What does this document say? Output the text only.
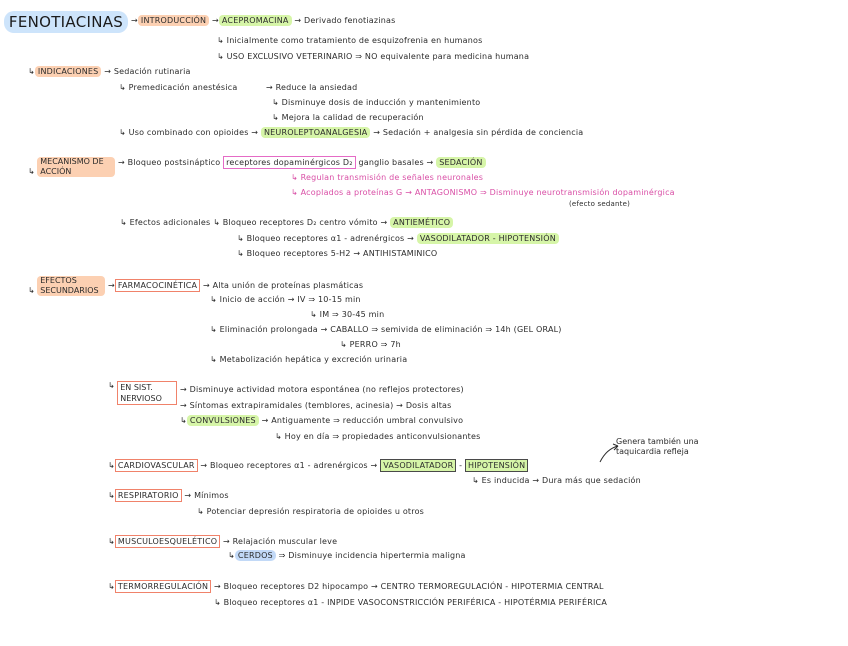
FENOTIACINAS →INTRODUCCIÓN →ACEPROMACINA → Derivado fenotiazinas
↳ Inicialmente como tratamiento de esquizofrenia en humanos
↳ USO EXCLUSIVO VETERINARIO ⇒ NO equivalente para medicina humana
↳INDICACIONES → Sedación rutinaria
↳ Premedicación anestésica	→ Reduce la ansiedad
↳ Disminuye dosis de inducción y mantenimiento
↳ Mejora la calidad de recuperación
↳ Uso combinado con opioides → NEUROLEPTOANALGESIA → Sedación + analgesia sin pérdida de conciencia
↳ MECANISMO DE ACCIÓN
→ Bloqueo postsináptico receptores dopaminérgicos D₂ ganglio basales → SEDACIÓN
↳ Regulan transmisión de señales neuronales
↳ Acoplados a proteínas G → ANTAGONISMO ⇒ Disminuye neurotransmisión dopaminérgica
(efecto sedante)
↳ Efectos adicionales ↳ Bloqueo receptores D₂ centro vómito → ANTIEMÉTICO
↳ Bloqueo receptores α1 - adrenérgicos → VASODILATADOR - HIPOTENSIÓN
↳ Bloqueo receptores 5-H2 → ANTIHISTAMINICO
↳ EFECTOS SECUNDARIOS
→FARMACOCINÉTICA → Alta unión de proteínas plasmáticas
↳ Inicio de acción → IV ⇒ 10-15 min
↳ IM ⇒ 30-45 min
↳ Eliminación prolongada → CABALLO ⇒ semivida de eliminación ⇒ 14h (GEL ORAL)
↳ PERRO ⇒ 7h
↳ Metabolización hepática y excreción urinaria
↳ EN SIST. NERVIOSO
→ Disminuye actividad motora espontánea (no reflejos protectores)
→ Síntomas extrapiramidales (temblores, acinesia) → Dosis altas
↳CONVULSIONES → Antiguamente ⇒ reducción umbral convulsivo
↳ Hoy en día ⇒ propiedades anticonvulsionantes
↳CARDIOVASCULAR → Bloqueo receptores α1 - adrenérgicos → VASODILATADOR - HIPOTENSIÓN
Genera también una taquicardia refleja
↳ Es inducida → Dura más que sedación
↳RESPIRATORIO → Mínimos
↳ Potenciar depresión respiratoria de opioides u otros
↳MUSCULOESQUELÉTICO → Relajación muscular leve
↳CERDOS ⇒ Disminuye incidencia hipertermia maligna
↳TERMORREGULACIÓN → Bloqueo receptores D2 hipocampo → CENTRO TERMOREGULACIÓN - HIPOTERMIA CENTRAL
↳ Bloqueo receptores α1 - INPIDE VASOCONSTRICCIÓN PERIFÉRICA - HIPOTÉRMIA PERIFÉRICA
